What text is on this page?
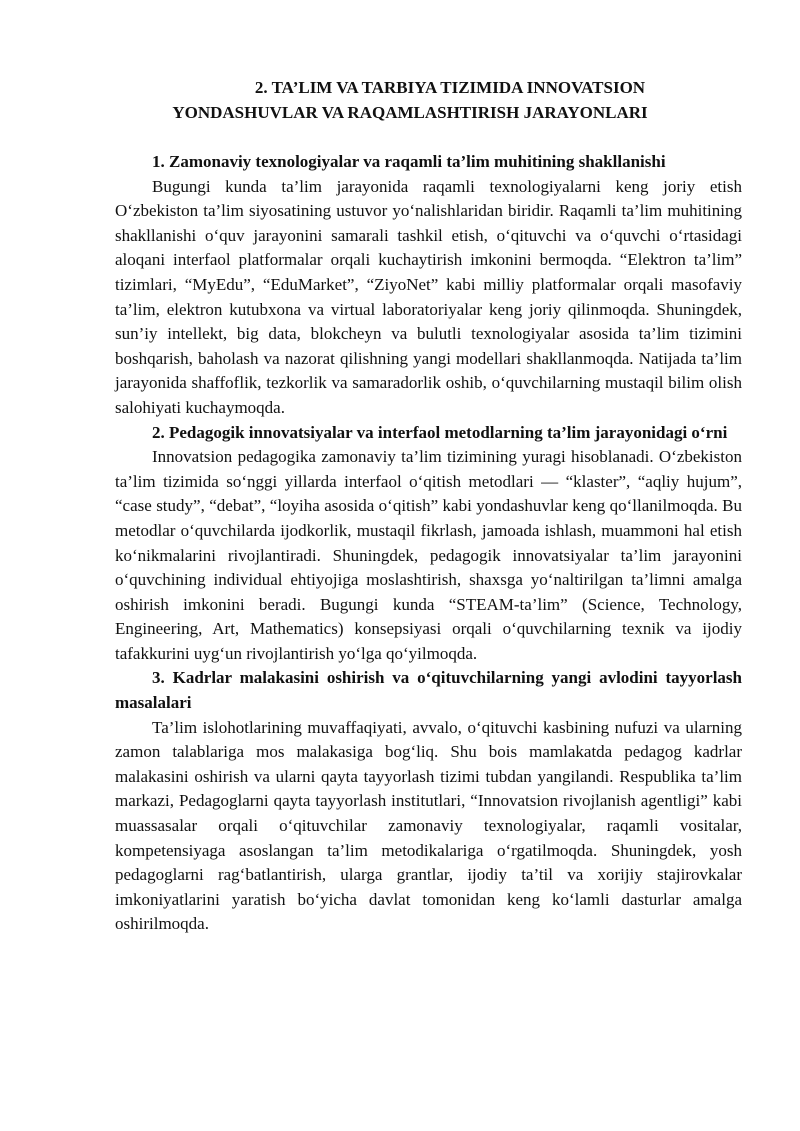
2. TA’LIM VA TARBIYA TIZIMIDA INNOVATSION
YONDASHUVLAR VA RAQAMLASHTIRISH JARAYONLARI
1. Zamonaviy texnologiyalar va raqamli ta’lim muhitining shakllanishi

Bugungi kunda ta’lim jarayonida raqamli texnologiyalarni keng joriy etish O‘zbekiston ta’lim siyosatining ustuvor yo‘nalishlaridan biridir. Raqamli ta’lim muhitining shakllanishi o‘quv jarayonini samarali tashkil etish, o‘qituvchi va o‘quvchi o‘rtasidagi aloqani interfaol platformalar orqali kuchaytirish imkonini bermoqda. “Elektron ta’lim” tizimlari, “MyEdu”, “EduMarket”, “ZiyoNet” kabi milliy platformalar orqali masofaviy ta’lim, elektron kutubxona va virtual laboratoriyalar keng joriy qilinmoqda. Shuningdek, sun’iy intellekt, big data, blokcheyn va bulutli texnologiyalar asosida ta’lim tizimini boshqarish, baholash va nazorat qilishning yangi modellari shakllanmoqda. Natijada ta’lim jarayonida shaffoflik, tezkorlik va samaradorlik oshib, o‘quvchilarning mustaqil bilim olish salohiyati kuchaymoqda.

2. Pedagogik innovatsiyalar va interfaol metodlarning ta’lim jarayonidagi o‘rni

Innovatsion pedagogika zamonaviy ta’lim tizimining yuragi hisoblanadi. O‘zbekiston ta’lim tizimida so‘nggi yillarda interfaol o‘qitish metodlari — “klaster”, “aqliy hujum”, “case study”, “debat”, “loyiha asosida o‘qitish” kabi yondashuvlar keng qo‘llanilmoqda. Bu metodlar o‘quvchilarda ijodkorlik, mustaqil fikrlash, jamoada ishlash, muammoni hal etish ko‘nikmalarini rivojlantiradi. Shuningdek, pedagogik innovatsiyalar ta’lim jarayonini o‘quvchining individual ehtiyojiga moslashtirish, shaxsga yo‘naltirilgan ta’limni amalga oshirish imkonini beradi. Bugungi kunda “STEAM-ta’lim” (Science, Technology, Engineering, Art, Mathematics) konsepsiyasi orqali o‘quvchilarning texnik va ijodiy tafakkurini uyg‘un rivojlantirish yo‘lga qo‘yilmoqda.

3. Kadrlar malakasini oshirish va o‘qituvchilarning yangi avlodini tayyorlash masalalari

Ta’lim islohotlarining muvaffaqiyati, avvalo, o‘qituvchi kasbining nufuzi va ularning zamon talablariga mos malakasiga bog‘liq. Shu bois mamlakatda pedagog kadrlar malakasini oshirish va ularni qayta tayyorlash tizimi tubdan yangilandi. Respublika ta’lim markazi, Pedagoglarni qayta tayyorlash institutlari, “Innovatsion rivojlanish agentligi” kabi muassasalar orqali o‘qituvchilar zamonaviy texnologiyalar, raqamli vositalar, kompetensiyaga asoslangan ta’lim metodikalariga o‘rgatilmoqda. Shuningdek, yosh pedagoglarni rag‘batlantirish, ularga grantlar, ijodiy ta’til va xorijiy stajirovkalar imkoniyatlarini yaratish bo‘yicha davlat tomonidan keng ko‘lamli dasturlar amalga oshirilmoqda.
